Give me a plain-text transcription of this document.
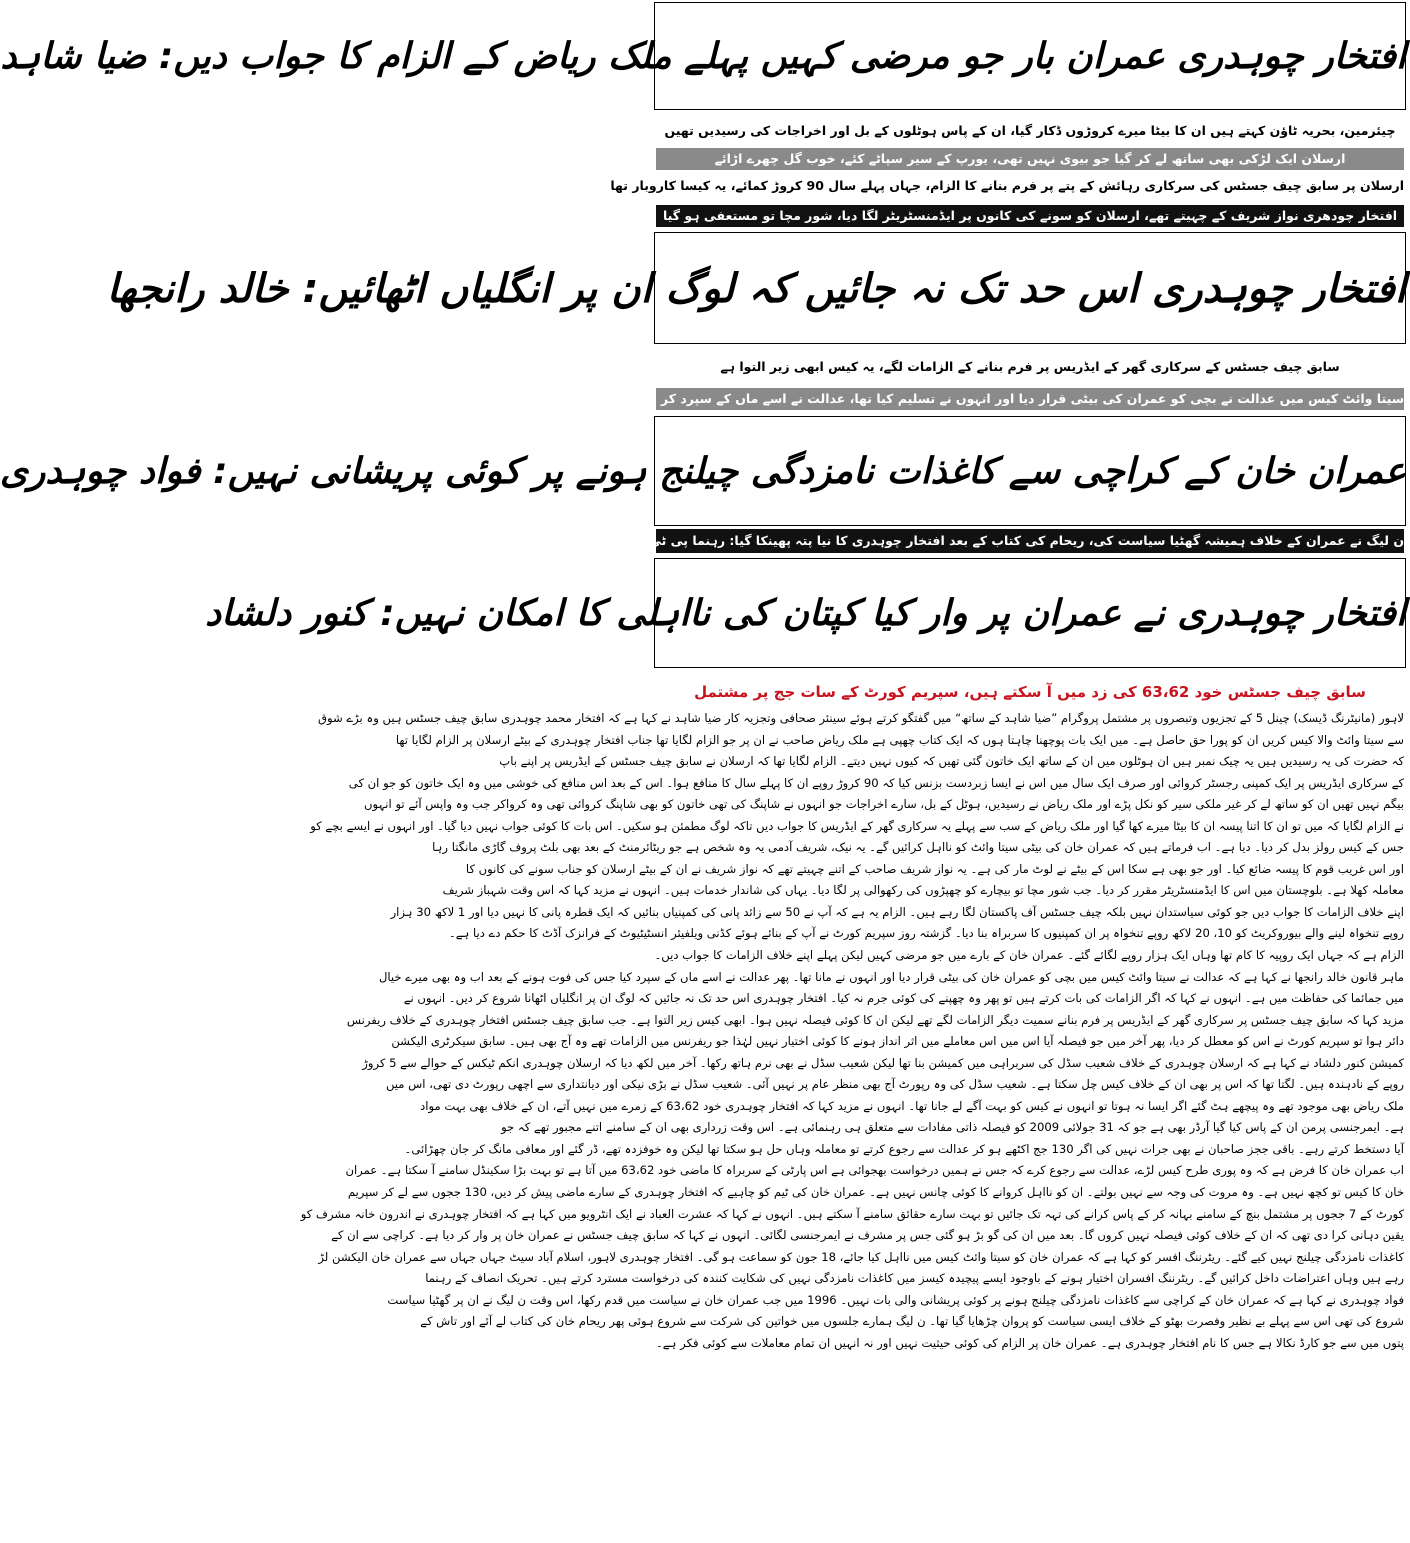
افتخار چوہدری عمران بار جو مرضی کہیں پہلے ملک ریاض کے الزام کا جواب دیں: ضیا شاہد
چیئرمین، بحریہ ٹاؤن کہتے ہیں ان کا بیٹا میرے کروڑوں ڈکار گیا، ان کے پاس ہوٹلوں کے بل اور اخراجات کی رسیدیں تھیں
ارسلان ایک لڑکی بھی ساتھ لے کر گیا جو بیوی نہیں تھی، یورپ کے سیر سپاٹے کئے، خوب گل چھرے اڑائے
ارسلان پر سابق چیف جسٹس کی سرکاری رہائش کے پتے پر فرم بنانے کا الزام، جہاں پہلے سال 90 کروڑ کمائے، یہ کیسا کاروبار تھا
افتخار چودھری نواز شریف کے چہیتے تھے، ارسلان کو سونے کی کانوں پر ایڈمنسٹریٹر لگا دیا، شور مچا تو مستعفی ہو گیا
افتخار چوہدری اس حد تک نہ جائیں کہ لوگ ان پر انگلیاں اٹھائیں: خالد رانجھا
سابق چیف جسٹس کے سرکاری گھر کے ایڈریس پر فرم بنانے کے الزامات لگے، یہ کیس ابھی زیر التوا ہے
سیتا وائٹ کیس میں عدالت نے بچی کو عمران کی بیٹی قرار دیا اور انہوں نے تسلیم کیا تھا، عدالت نے اسے ماں کے سپرد کر دیا تھا: آئینی ماہر
عمران خان کے کراچی سے کاغذات نامزدگی چیلنج ہونے پر کوئی پریشانی نہیں: فواد چوہدری
ن لیگ نے عمران کے خلاف ہمیشہ گھٹیا سیاست کی، ریحام کی کتاب کے بعد افتخار چوہدری کا نیا پتہ پھینکا گیا: رہنما پی ٹی آئی
افتخار چوہدری نے عمران پر وار کیا کپتان کی نااہلی کا امکان نہیں: کنور دلشاد
سابق چیف جسٹس خود 63،62 کی زد میں آ سکتے ہیں، سپریم کورٹ کے سات جج پر مشتمل
لاہور (مانیٹرنگ ڈیسک) چینل 5 کے تجزیوں وتبصروں پر مشتمل پروگرام ”ضیا شاہد کے ساتھ“ میں گفتگو کرتے ہوئے سینئر صحافی وتجزیہ کار ضیا شاہد نے کہا ہے کہ افتخار محمد چوہدری سابق چیف جسٹس ہیں وہ بڑے شوق
سے سیتا وائٹ والا کیس کریں ان کو پورا حق حاصل ہے۔ میں ایک بات پوچھنا چاہتا ہوں کہ ایک کتاب چھپی ہے ملک ریاض صاحب نے ان پر جو الزام لگایا تھا جناب افتخار چوہدری کے بیٹے ارسلان پر الزام لگایا تھا
کہ حضرت کی یہ رسیدیں ہیں یہ چیک نمبر ہیں ان ہوٹلوں میں ان کے ساتھ ایک خاتون گئی تھیں کہ کیوں نہیں دیتے۔ الزام لگایا تھا کہ ارسلان نے سابق چیف جسٹس کے ایڈریس پر اپنے باپ
کے سرکاری ایڈریس پر ایک کمپنی رجسٹر کروائی اور صرف ایک سال میں اس نے ایسا زبردست بزنس کیا کہ 90 کروڑ روپے ان کا پہلے سال کا منافع ہوا۔ اس کے بعد اس منافع کی خوشی میں وہ ایک خاتون کو جو ان کی
بیگم نہیں تھیں ان کو ساتھ لے کر غیر ملکی سیر کو نکل پڑے اور ملک ریاض نے رسیدیں، ہوٹل کے بل، سارے اخراجات جو انہوں نے شاپنگ کی تھی خاتون کو بھی شاپنگ کروائی تھی وہ کرواکر جب وہ واپس آئے تو انہوں
نے الزام لگایا کہ میں تو ان کا اتنا پیسہ ان کا بیٹا میرے کھا گیا اور ملک ریاض کے سب سے پہلے یہ سرکاری گھر کے ایڈریس کا جواب دیں تاکہ لوگ مطمئن ہو سکیں۔ اس بات کا کوئی جواب نہیں دیا گیا۔ اور انہوں نے ایسے بچے کو
جس کے کیس رولز بدل کر دیا۔ دیا ہے۔ اب فرماتے ہیں کہ عمران خان کی بیٹی سیتا وائٹ کو نااہل کرائیں گے۔ یہ نیک، شریف آدمی یہ وہ شخص ہے جو ریٹائرمنٹ کے بعد بھی بلٹ پروف گاڑی مانگتا رہا
اور اس غریب قوم کا پیسہ ضائع کیا۔ اور جو بھی ہے سکا اس کے بیٹے نے لوٹ مار کی ہے۔ یہ نواز شریف صاحب کے اتنے چہیتے تھے کہ نواز شریف نے ان کے بیٹے ارسلان کو جناب سونے کی کانوں کا
معاملہ کھلا ہے۔ بلوچستان میں اس کا ایڈمنسٹریٹر مقرر کر دیا۔ جب شور مچا تو بیچارے کو چھپڑوں کی رکھوالی پر لگا دیا۔ یہاں کی شاندار خدمات ہیں۔ انہوں نے مزید کہا کہ اس وقت شہباز شریف
اپنے خلاف الزامات کا جواب دیں جو کوئی سیاستدان نہیں بلکہ چیف جسٹس آف پاکستان لگا رہے ہیں۔ الزام یہ ہے کہ آپ نے 50 سے زائد پانی کی کمپنیاں بنائیں کہ ایک قطرہ پانی کا نہیں دیا اور 1 لاکھ 30 ہزار
روپے تنخواہ لینے والے بیوروکریٹ کو 10، 20 لاکھ روپے تنخواہ پر ان کمپنیوں کا سربراہ بنا دیا۔ گزشتہ روز سپریم کورٹ نے آپ کے بنائے ہوئے کڈنی ویلفیئر انسٹیٹیوٹ کے فرانزک آڈٹ کا حکم دے دیا ہے۔
الزام ہے کہ جہاں ایک روپیہ کا کام تھا وہاں ایک ہزار روپے لگائے گئے۔ عمران خان کے بارے میں جو مرضی کہیں لیکن پہلے اپنے خلاف الزامات کا جواب دیں۔
ماہر قانون خالد رانجھا نے کہا ہے کہ عدالت نے سیتا وائٹ کیس میں بچی کو عمران خان کی بیٹی قرار دیا اور انہوں نے مانا تھا۔ پھر عدالت نے اسے ماں کے سپرد کیا جس کی فوت ہونے کے بعد اب وہ بھی میرے خیال
میں جمائما کی حفاظت میں ہے۔ انہوں نے کہا کہ اگر الزامات کی بات کرتے ہیں تو پھر وہ چھپنے کی کوئی جرم نہ کیا۔ افتخار چوہدری اس حد تک نہ جائیں کہ لوگ ان پر انگلیاں اٹھانا شروع کر دیں۔ انہوں نے
مزید کہا کہ سابق چیف جسٹس پر سرکاری گھر کے ایڈریس پر فرم بنانے سمیت دیگر الزامات لگے تھے لیکن ان کا کوئی فیصلہ نہیں ہوا۔ ابھی کیس زیر التوا ہے۔ جب سابق چیف جسٹس افتخار چوہدری کے خلاف ریفرنس
دائر ہوا تو سپریم کورٹ نے اس کو معطل کر دیا، پھر آخر میں جو فیصلہ آیا اس میں اس معاملے میں اثر انداز ہونے کا کوئی اختیار نہیں لہٰذا جو ریفرنس میں الزامات تھے وہ آج بھی ہیں۔ سابق سیکرٹری الیکشن
کمیشن کنور دلشاد نے کہا ہے کہ ارسلان چوہدری کے خلاف شعیب سڈل کی سربراہی میں کمیشن بنا تھا لیکن شعیب سڈل نے بھی نرم ہاتھ رکھا۔ آخر میں لکھ دیا کہ ارسلان چوہدری انکم ٹیکس کے حوالے سے 5 کروڑ
روپے کے نادہندہ ہیں۔ لگتا تھا کہ اس پر بھی ان کے خلاف کیس چل سکتا ہے۔ شعیب سڈل کی وہ رپورٹ آج بھی منظر عام پر نہیں آئی۔ شعیب سڈل نے بڑی نیکی اور دیانتداری سے اچھی رپورٹ دی تھی، اس میں
ملک ریاض بھی موجود تھے وہ پیچھے ہٹ گئے اگر ایسا نہ ہوتا تو انہوں نے کیس کو بہت آگے لے جانا تھا۔ انہوں نے مزید کہا کہ افتخار چوہدری خود 63،62 کے زمرے میں نہیں آتے، ان کے خلاف بھی بہت مواد
ہے۔ ایمرجنسی پرمن ان کے پاس کیا گیا آرڈر بھی ہے جو کہ 31 جولائی 2009 کو فیصلہ ذاتی مفادات سے متعلق ہی رہنمائی ہے۔ اس وقت زرداری بھی ان کے سامنے اتنے مجبور تھے کہ جو
آیا دستخط کرتے رہے۔ باقی ججز صاحبان نے بھی جرات نہیں کی اگر 130 جج اکٹھے ہو کر عدالت سے رجوع کرتے تو معاملہ وہاں حل ہو سکتا تھا لیکن وہ خوفزدہ تھے، ڈر گئے اور معافی مانگ کر جان چھڑائی۔
اب عمران خان کا فرض ہے کہ وہ پوری طرح کیس لڑے، عدالت سے رجوع کرے کہ جس نے ہمیں درخواست بھجوائی ہے اس پارٹی کے سربراہ کا ماضی خود 63،62 میں آتا ہے تو بہت بڑا سکینڈل سامنے آ سکتا ہے۔ عمران
خان کا کیس تو کچھ نہیں ہے۔ وہ مروت کی وجہ سے نہیں بولتے۔ ان کو نااہل کروانے کا کوئی چانس نہیں ہے۔ عمران خان کی ٹیم کو چاہیے کہ افتخار چوہدری کے سارے ماضی پیش کر دیں، 130 ججوں سے لے کر سپریم
کورٹ کے 7 ججوں پر مشتمل بنچ کے سامنے بہانہ کر کے پاس کرانے کی تہہ تک جائیں تو بہت سارے حقائق سامنے آ سکتے ہیں۔ انہوں نے کہا کہ عشرت العباد نے ایک انٹرویو میں کہا ہے کہ افتخار چوہدری نے اندرون خانہ مشرف کو
یقین دہانی کرا دی تھی کہ ان کے خلاف کوئی فیصلہ نہیں کروں گا۔ بعد میں ان کی گو بڑ ہو گئی جس پر مشرف نے ایمرجنسی لگائی۔ انہوں نے کہا کہ سابق چیف جسٹس نے عمران خان پر وار کر دیا ہے۔ کراچی سے ان کے
کاغذات نامزدگی چیلنج نہیں کیے گئے۔ ریٹرننگ افسر کو کہا ہے کہ عمران خان کو سیتا وائٹ کیس میں نااہل کیا جائے، 18 جون کو سماعت ہو گی۔ افتخار چوہدری لاہور، اسلام آباد سیٹ جہاں جہاں سے عمران خان الیکشن لڑ
رہے ہیں وہاں اعتراضات داخل کرائیں گے۔ ریٹرننگ افسران اختیار ہونے کے باوجود ایسے پیچیدہ کیسز میں کاغذات نامزدگی نہیں کی شکایت کنندہ کی درخواست مسترد کرتے ہیں۔ تحریک انصاف کے رہنما
فواد چوہدری نے کہا ہے کہ عمران خان کے کراچی سے کاغذات نامزدگی چیلنج ہونے پر کوئی پریشانی والی بات نہیں۔ 1996 میں جب عمران خان نے سیاست میں قدم رکھا، اس وقت ن لیگ نے ان پر گھٹیا سیاست
شروع کی تھی اس سے پہلے بے نظیر وفصرت بھٹو کے خلاف ایسی سیاست کو پروان چڑھایا گیا تھا۔ ن لیگ ہمارے جلسوں میں خواتین کی شرکت سے شروع ہوئی پھر ریحام خان کی کتاب لے آئے اور تاش کے
پتوں میں سے جو کارڈ نکالا ہے جس کا نام افتخار چوہدری ہے۔ عمران خان پر الزام کی کوئی حیثیت نہیں اور نہ انہیں ان تمام معاملات سے کوئی فکر ہے۔
